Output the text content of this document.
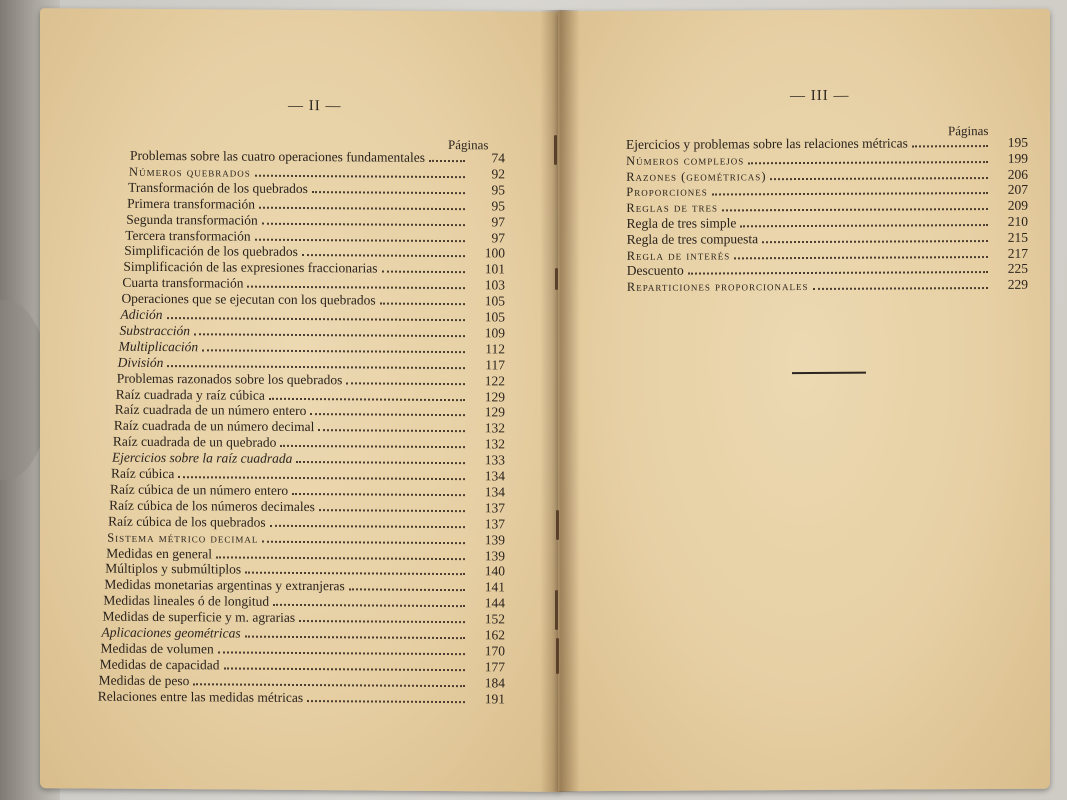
— II —
Páginas
Problemas sobre las cuatro operaciones fundamentales	74
Números quebrados	92
Transformación de los quebrados	95
Primera transformación	95
Segunda transformación	97
Tercera transformación	97
Simplificación de los quebrados	100
Simplificación de las expresiones fraccionarias	101
Cuarta transformación	103
Operaciones que se ejecutan con los quebrados	105
Adición	105
Substracción	109
Multiplicación	112
División	117
Problemas razonados sobre los quebrados	122
Raíz cuadrada y raíz cúbica	129
Raíz cuadrada de un número entero	129
Raíz cuadrada de un número decimal	132
Raíz cuadrada de un quebrado	132
Ejercicios sobre la raíz cuadrada	133
Raíz cúbica	134
Raíz cúbica de un número entero	134
Raíz cúbica de los números decimales	137
Raíz cúbica de los quebrados	137
Sistema métrico decimal	139
Medidas en general	139
Múltiplos y submúltiplos	140
Medidas monetarias argentinas y extranjeras	141
Medidas lineales ó de longitud	144
Medidas de superficie y m. agrarias	152
Aplicaciones geométricas	162
Medidas de volumen	170
Medidas de capacidad	177
Medidas de peso	184
Relaciones entre las medidas métricas	191
— III —
Páginas
Ejercicios y problemas sobre las relaciones métricas	195
Números complejos	199
Razones (geométricas)	206
Proporciones	207
Reglas de tres	209
Regla de tres simple	210
Regla de tres compuesta	215
Regla de interés	217
Descuento	225
Reparticiones proporcionales	229
